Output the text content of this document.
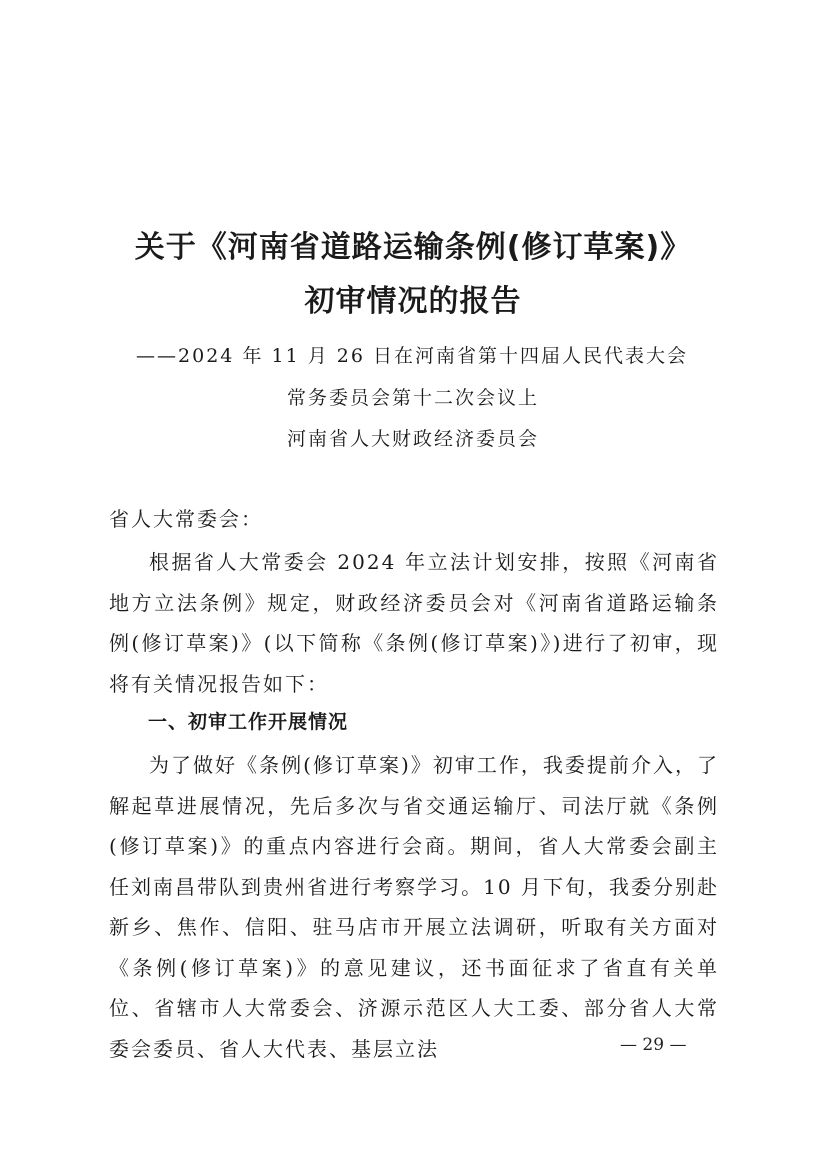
关于《河南省道路运输条例(修订草案)》
初审情况的报告
——2024 年 11 月 26 日在河南省第十四届人民代表大会
常务委员会第十二次会议上
河南省人大财政经济委员会
省人大常委会：
根据省人大常委会 2024 年立法计划安排，按照《河南省地方立法条例》规定，财政经济委员会对《河南省道路运输条例(修订草案)》(以下简称《条例(修订草案)》)进行了初审，现将有关情况报告如下：
一、初审工作开展情况
为了做好《条例(修订草案)》初审工作，我委提前介入，了解起草进展情况，先后多次与省交通运输厅、司法厅就《条例(修订草案)》的重点内容进行会商。期间，省人大常委会副主任刘南昌带队到贵州省进行考察学习。10 月下旬，我委分别赴新乡、焦作、信阳、驻马店市开展立法调研，听取有关方面对《条例(修订草案)》的意见建议，还书面征求了省直有关单位、省辖市人大常委会、济源示范区人大工委、部分省人大常委会委员、省人大代表、基层立法	— 29 —
